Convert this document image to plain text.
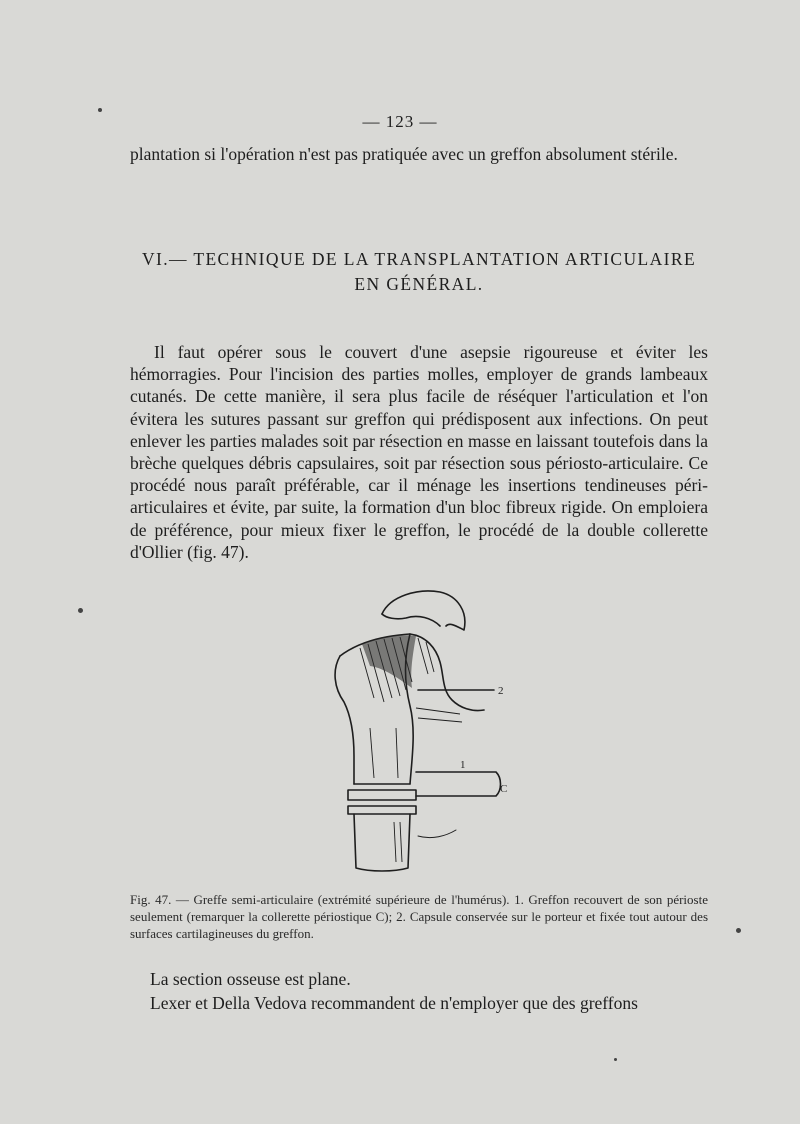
— 123 —

plantation si l'opération n'est pas pratiquée avec un greffon absolument stérile.

VI.— TECHNIQUE DE LA TRANSPLANTATION ARTICULAIRE
EN GÉNÉRAL.

Il faut opérer sous le couvert d'une asepsie rigoureuse et éviter les hémorragies. Pour l'incision des parties molles, employer de grands lambeaux cutanés. De cette manière, il sera plus facile de réséquer l'articulation et l'on évitera les sutures passant sur greffon qui prédisposent aux infections. On peut enlever les parties malades soit par résection en masse en laissant toutefois dans la brèche quelques débris capsulaires, soit par résection sous périosto-articulaire. Ce procédé nous paraît préférable, car il ménage les insertions tendineuses péri-articulaires et évite, par suite, la formation d'un bloc fibreux rigide. On emploiera de préférence, pour mieux fixer le greffon, le procédé de la double collerette d'Ollier (fig. 47).

2
C
1

Fig. 47. — Greffe semi-articulaire (extrémité supérieure de l'humérus). 1. Greffon recouvert de son périoste seulement (remarquer la collerette périostique C); 2. Capsule conservée sur le porteur et fixée tout autour des surfaces cartilagineuses du greffon.

La section osseuse est plane.

Lexer et Della Vedova recommandent de n'employer que des greffons
